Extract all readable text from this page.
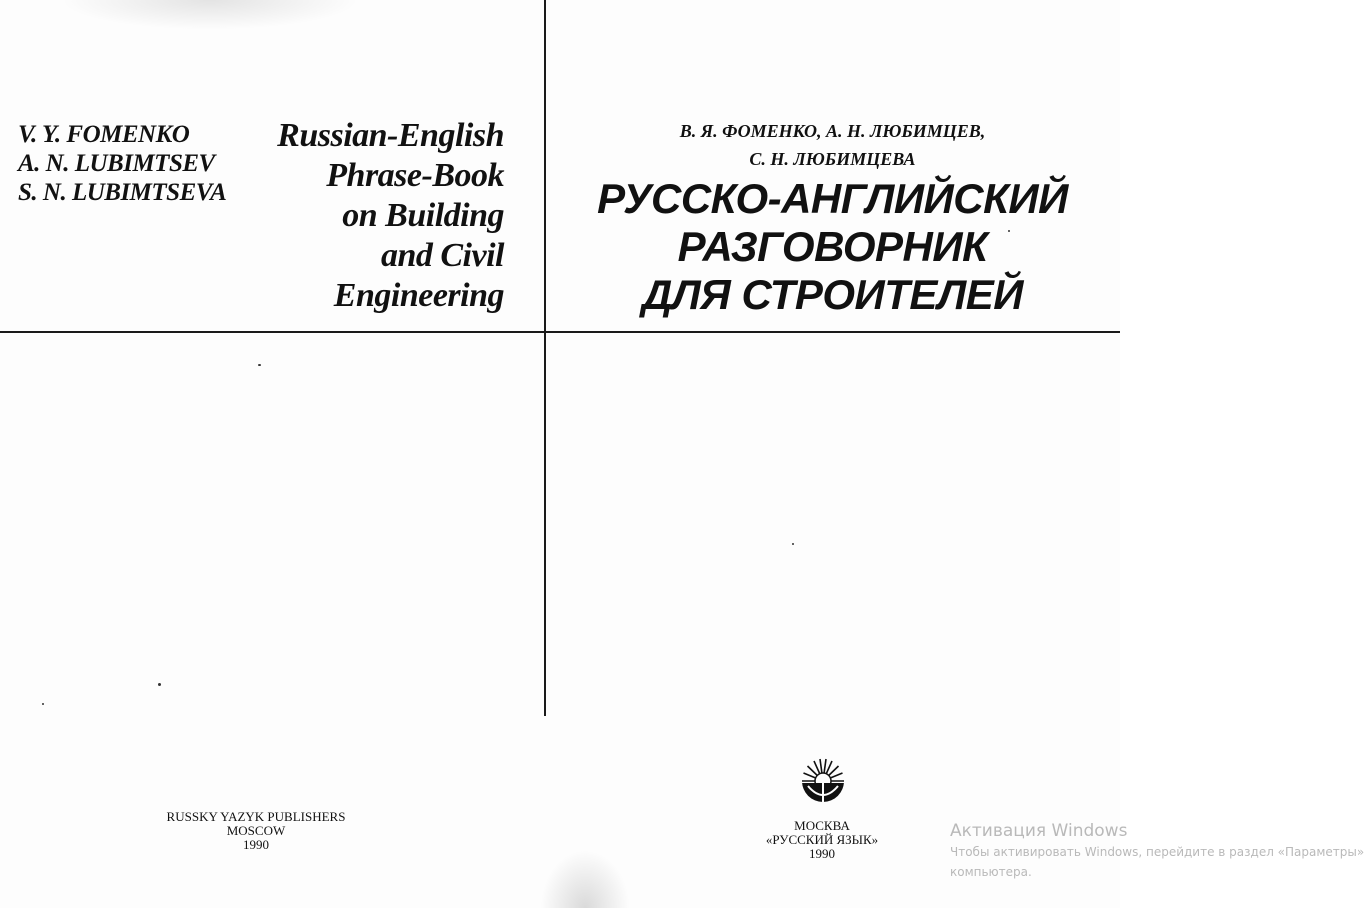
V. Y. FOMENKO
A. N. LUBIMTSEV
S. N. LUBIMTSEVA
Russian-English
Phrase-Book
on Building
and Civil
Engineering
RUSSKY YAZYK PUBLISHERS
MOSCOW
1990
В. Я. ФОМЕНКО, А. Н. ЛЮБИМЦЕВ,
С. Н. ЛЮБИМЦЕВА
РУССКО-АНГЛИЙСКИЙ
РАЗГОВОРНИК
ДЛЯ СТРОИТЕЛЕЙ
МОСКВА
«РУССКИЙ ЯЗЫК»
1990
Активация Windows
Чтобы активировать Windows, перейдите в раздел «Параметры»
компьютера.
